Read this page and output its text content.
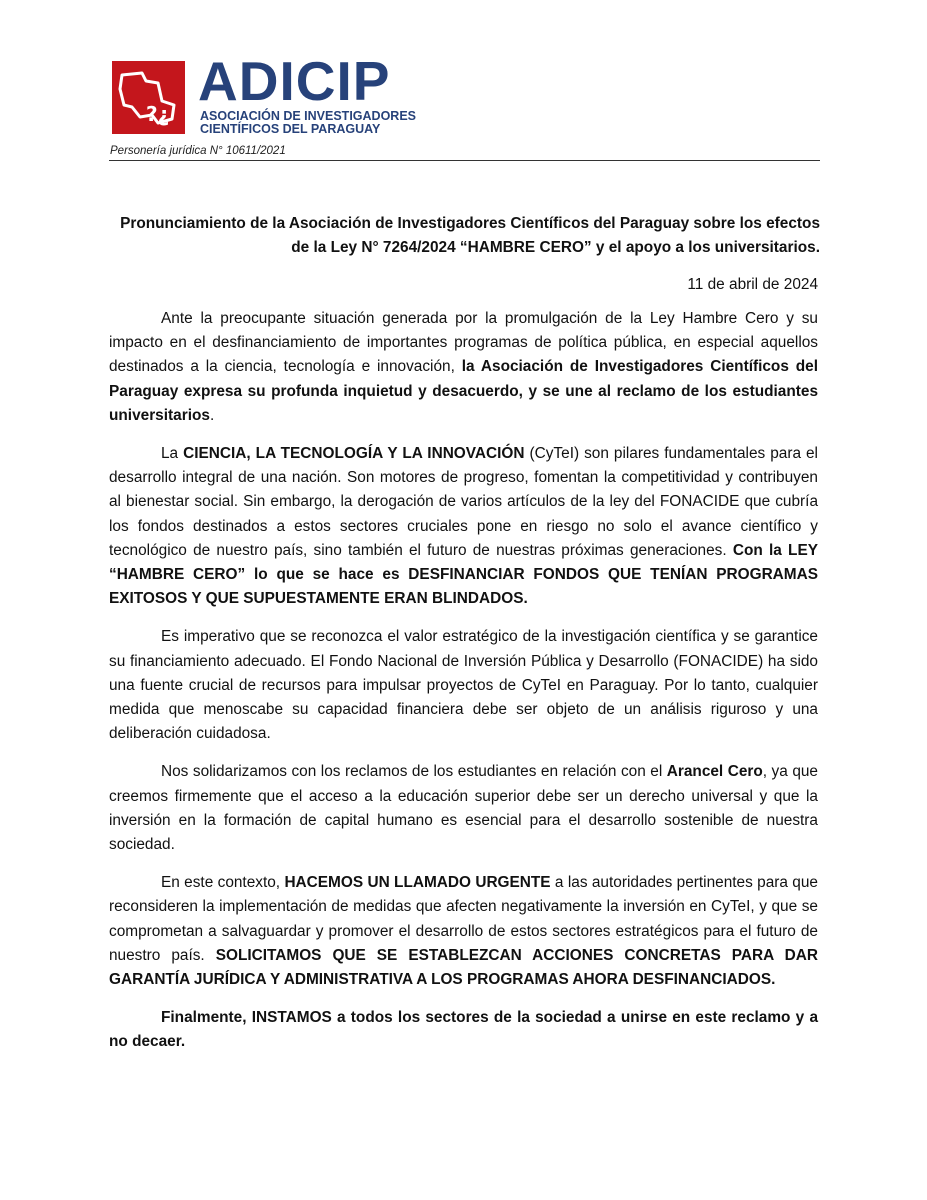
?¿
ADICIP
ASOCIACIÓN DE INVESTIGADORES
CIENTÍFICOS DEL PARAGUAY
Personería jurídica N° 10611/2021
Pronunciamiento de la Asociación de Investigadores Científicos del Paraguay sobre los efectos
de la Ley N° 7264/2024 “HAMBRE CERO” y el apoyo a los universitarios.
11 de abril de 2024

Ante la preocupante situación generada por la promulgación de la Ley Hambre Cero y su impacto en el desfinanciamiento de importantes programas de política pública, en especial aquellos destinados a la ciencia, tecnología e innovación, la Asociación de Investigadores Científicos del Paraguay expresa su profunda inquietud y desacuerdo, y se une al reclamo de los estudiantes universitarios.

La CIENCIA, LA TECNOLOGÍA Y LA INNOVACIÓN (CyTeI) son pilares fundamentales para el desarrollo integral de una nación. Son motores de progreso, fomentan la competitividad y contribuyen al bienestar social. Sin embargo, la derogación de varios artículos de la ley del FONACIDE que cubría los fondos destinados a estos sectores cruciales pone en riesgo no solo el avance científico y tecnológico de nuestro país, sino también el futuro de nuestras próximas generaciones. Con la LEY “HAMBRE CERO” lo que se hace es DESFINANCIAR FONDOS QUE TENÍAN PROGRAMAS EXITOSOS Y QUE SUPUESTAMENTE ERAN BLINDADOS.

Es imperativo que se reconozca el valor estratégico de la investigación científica y se garantice su financiamiento adecuado. El Fondo Nacional de Inversión Pública y Desarrollo (FONACIDE) ha sido una fuente crucial de recursos para impulsar proyectos de CyTeI en Paraguay. Por lo tanto, cualquier medida que menoscabe su capacidad financiera debe ser objeto de un análisis riguroso y una deliberación cuidadosa.

Nos solidarizamos con los reclamos de los estudiantes en relación con el Arancel Cero, ya que creemos firmemente que el acceso a la educación superior debe ser un derecho universal y que la inversión en la formación de capital humano es esencial para el desarrollo sostenible de nuestra sociedad.

En este contexto, HACEMOS UN LLAMADO URGENTE a las autoridades pertinentes para que reconsideren la implementación de medidas que afecten negativamente la inversión en CyTeI, y que se comprometan a salvaguardar y promover el desarrollo de estos sectores estratégicos para el futuro de nuestro país. SOLICITAMOS QUE SE ESTABLEZCAN ACCIONES CONCRETAS PARA DAR GARANTÍA JURÍDICA Y ADMINISTRATIVA A LOS PROGRAMAS AHORA DESFINANCIADOS.

Finalmente, INSTAMOS a todos los sectores de la sociedad a unirse en este reclamo y a no decaer.
